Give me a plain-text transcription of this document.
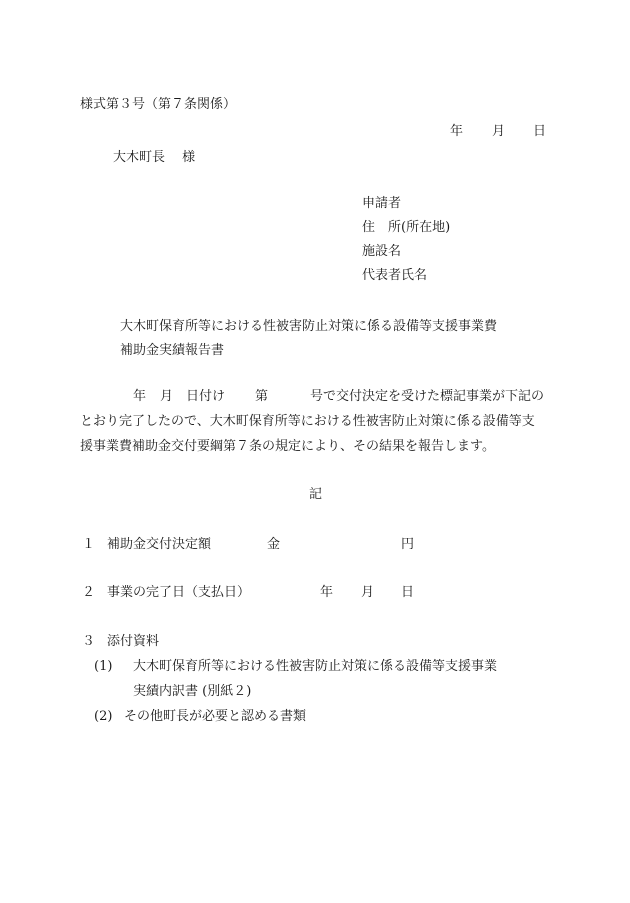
様式第３号（第７条関係）
年 月 日
大木町長　 様
申請者
住　所(所在地)
施設名
代表者氏名
大木町保育所等における性被害防止対策に係る設備等支援事業費
補助金実績報告書
年 月 日付け 第	号で交付決定を受けた標記事業が下記の
とおり完了したので、大木町保育所等における性被害防止対策に係る設備等支
援事業費補助金交付要綱第７条の規定により、その結果を報告します。
記
１ 補助金交付決定額	金	円
２ 事業の完了日（支払日）	年 月 日
３ 添付資料
(1) 大木町保育所等における性被害防止対策に係る設備等支援事業
実績内訳書 (別紙２)
(2) その他町長が必要と認める書類
